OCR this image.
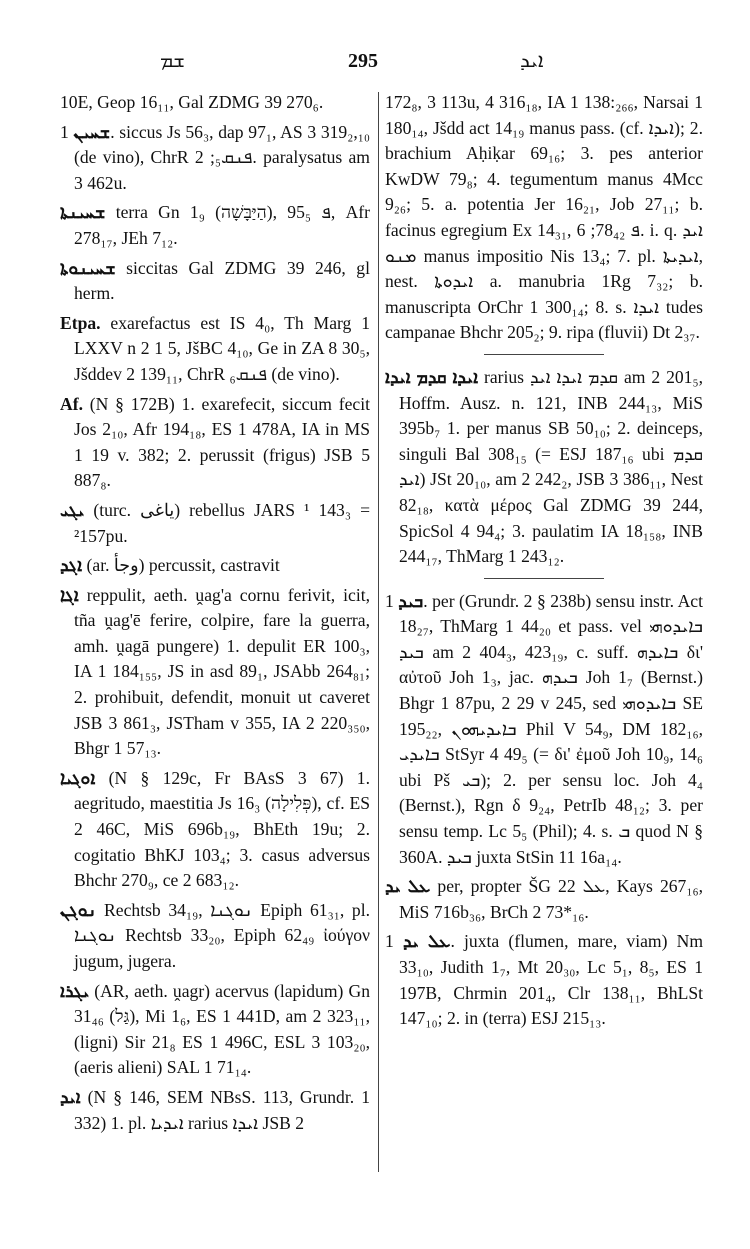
ܫܡ	295	ܐܝܕ

10E, Geop 16₁₁, Gal ZDMG 39 270₆.

ܫܚܝܢ 1. siccus Js 56₃, dap 97₁, AS 3 319₂,₁₀ (de vino), ChrR ܦܢܩ₅; 2. paralysatus am 3 462u.

ܫܚܝܢܬܐ terra Gn 1₉ (הַיַּבָּשָׁה), ܦ 95₅, Afr 278₁₇, JEh 7₁₂.

ܫܚܝܢܘܬܐ siccitas Gal ZDMG 39 246, gl herm.

Etpa. exarefactus est IS 4₀, Th Marg 1 LXXV n 2 1 5, JšBC 4₁₀, Ge in ZA 8 30₅, Jšddev 2 139₁₁, ChrR ܦܢܩ₆ (de vino).

Af. (N § 172B) 1. exarefecit, siccum fecit Jos 2₁₀, Afr 194₁₈, ES 1 478A, IA in MS 1 19 v. 382; 2. perussit (frigus) JSB 5 887₈.

ܝܓܝ (turc. ياغى) rebellus JARS ¹ 143₃ = ²157pu.

ܐܓܕ (ar. وجأ) percussit, castravit

ܐܓܐ reppulit, aeth. ṷag'a cornu ferivit, icit, tña ṷag'ē ferire, colpire, fare la guerra, amh. ṷagā pungere) 1. depulit ER 100₃, IA 1 184₁₅₅, JS in asd 89₁, JSAbb 264₈₁; 2. prohibuit, defendit, monuit ut caveret JSB 3 861₃, JSTham v 355, IA 2 220₃₅₀, Bhgr 1 57₁₃.

ܐܘܓܝܐ (N § 129c, Fr BAsS 3 67) 1. aegritudo, maestitia Js 16₃ (פְּלִילָה), cf. ES 2 46C, MiS 696b₁₉, BhEth 19u; 2. cogitatio BhKJ 103₄; 3. casus adversus Bhchr 270₉, ce 2 683₁₂.

ܢܘܓܢ Rechtsb 34₁₉, ܢܘܓܢܐ Epiph 61₃₁, pl. ܢܘܓܢܐ Rechtsb 33₂₀, Epiph 62₄₉ ἰούγον jugum, jugera.

ܝܓܪܐ (AR, aeth. ṷagr) acervus (lapidum) Gn 31₄₆ (גַּל), Mi 1₆, ES 1 441D, am 2 323₁₁, (ligni) Sir 21₈ ES 1 496C, ESL 3 103₂₀, (aeris alieni) SAL 1 71₁₄.

ܐܝܕ (N § 146, SEM NBsS. 113, Grundr. 1 332) 1. pl. ܐܝܕܝܐ rarius ܐܝܕܐ JSB 2

172₈, 3 113u, 4 316₁₈, IA 1 138:₂₆₆, Narsai 1 180₁₄, Jšdd act 14₁₉ manus pass. (cf. ܐܝܕܐ); 2. brachium Aḥiḳar 69₁₆; 3. pes anterior KwDW 79₈; 4. tegumentum manus 4Mcc 9₂₆; 5. a. potentia Jer 16₂₁, Job 27₁₁; b. facinus egregium Ex 14₃₁, ܦ 78₄₂; 6. i. q. ܐܝܕ ܡܢܘ manus impositio Nis 13₄; 7. pl. ܐܝܕܝܬܐ, nest. ܐܝܕܘܬܐ a. manubria 1Rg 7₃₂; b. manuscripta OrChr 1 300₁₄; 8. s. ܐܝܕܐ tudes campanae Bhchr 205₂; 9. ripa (fluvii) Dt 2₃₇.

ܐܝܕܐ ܩܕܡ ܐܝܕܐ rarius ܩܕܡ ܐܝܕܐ ܐܝܕ am 2 201₅, Hoffm. Ausz. n. 121, INB 244₁₃, MiS 395b₇ 1. per manus SB 50₁₀; 2. deinceps, singuli Bal 308₁₅ (= ESJ 187₁₆ ubi ܩܕܡ ܐܝܕ) JSt 20₁₀, am 2 242₂, JSB 3 386₁₁, Nest 82₁₈, κατὰ μέρος Gal ZDMG 39 244, SpicSol 4 94₄; 3. paulatim IA 18₁₅₈, INB 244₁₇, ThMarg 1 243₁₂.

ܒܝܕ 1. per (Grundr. 2 § 238b) sensu instr. Act 18₂₇, ThMarg 1 44₂₀ et pass. vel ܒܐܝܕܘܗܝ ܒܝܕ am 2 404₃, 423₁₉, c. suff. ܒܐܝܕܗ δι' αὐτοῦ Joh 1₃, jac. ܒܝܕܗ Joh 1₇ (Bernst.) Bhgr 1 87pu, 2 29 v 245, sed ܒܐܝܕܘܗܝ SE 195₂₂, ܒܐܝܕܝܗܘܢ Phil V 54₉, DM 182₁₆, ܒܐܝܕܝ StSyr 4 49₅ (= δι' ἐμοῦ Joh 10₉, 14₆ ubi Pš ܒܝ); 2. per sensu loc. Joh 4₄ (Bernst.), Rgn δ 9₂₄, PetrIb 48₁₂; 3. per sensu temp. Lc 5₅ (Phil); 4. s. ܒ quod N § 360A. ܒܝܕ juxta StSin 11 16a₁₄.

ܥܠ ܝܕ per, propter ŠG ܥܠ 22, Kays 267₁₆, MiS 716b₃₆, BrCh 2 73*₁₆.

ܥܠ ܝܕ 1. juxta (flumen, mare, viam) Nm 33₁₀, Judith 1₇, Mt 20₃₀, Lc 5₁, 8₅, ES 1 197B, Chrmin 201₄, Clr 138₁₁, BhLSt 147₁₀; 2. in (terra) ESJ 215₁₃.
